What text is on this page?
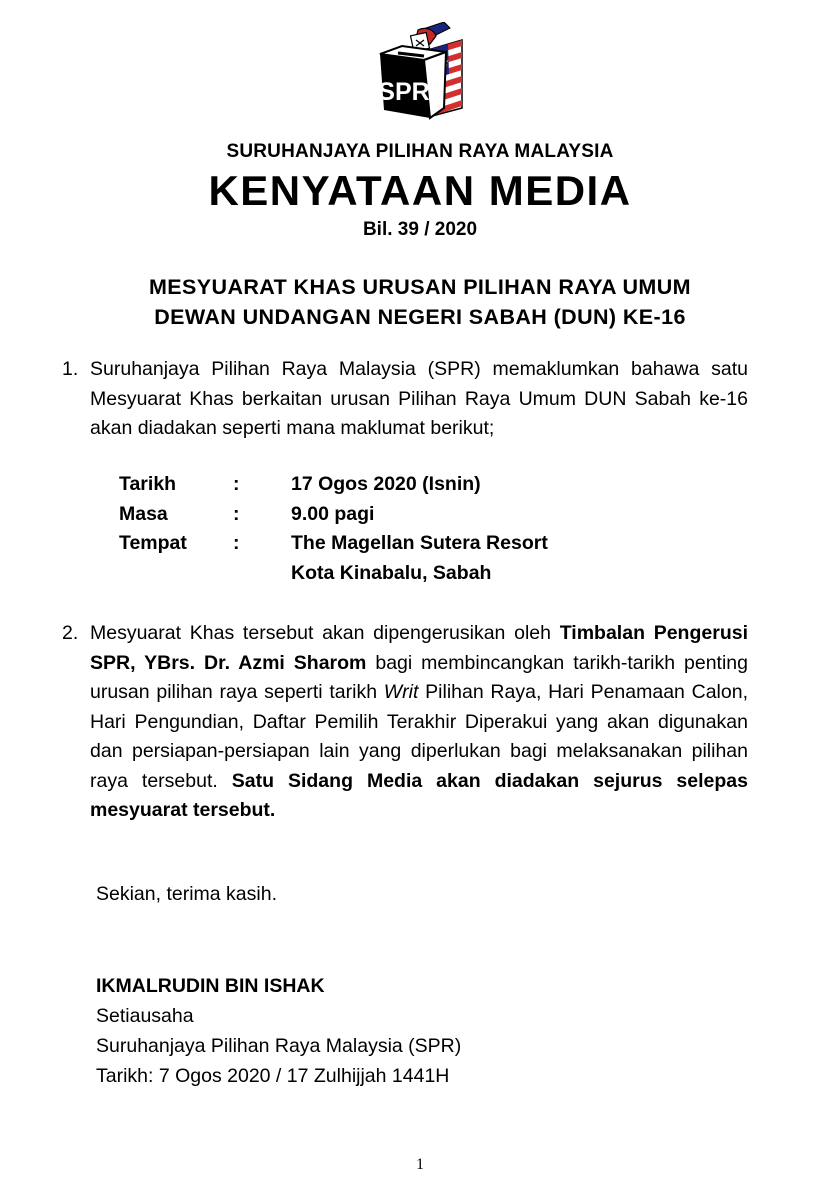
SPR
SURUHANJAYA PILIHAN RAYA MALAYSIA
KENYATAAN MEDIA
Bil. 39 / 2020
MESYUARAT KHAS URUSAN PILIHAN RAYA UMUM
DEWAN UNDANGAN NEGERI SABAH (DUN) KE-16
1. Suruhanjaya Pilihan Raya Malaysia (SPR) memaklumkan bahawa satu Mesyuarat Khas berkaitan urusan Pilihan Raya Umum DUN Sabah ke-16 akan diadakan seperti mana maklumat berikut;
Tarikh	:	17 Ogos 2020 (Isnin)
Masa	:	9.00 pagi
Tempat :	The Magellan Sutera Resort
Kota Kinabalu, Sabah
2. Mesyuarat Khas tersebut akan dipengerusikan oleh Timbalan Pengerusi SPR, YBrs. Dr. Azmi Sharom bagi membincangkan tarikh-tarikh penting urusan pilihan raya seperti tarikh Writ Pilihan Raya, Hari Penamaan Calon, Hari Pengundian, Daftar Pemilih Terakhir Diperakui yang akan digunakan dan persiapan-persiapan lain yang diperlukan bagi melaksanakan pilihan raya tersebut. Satu Sidang Media akan diadakan sejurus selepas mesyuarat tersebut.
Sekian, terima kasih.
IKMALRUDIN BIN ISHAK
Setiausaha
Suruhanjaya Pilihan Raya Malaysia (SPR)
Tarikh: 7 Ogos 2020 / 17 Zulhijjah 1441H
1
